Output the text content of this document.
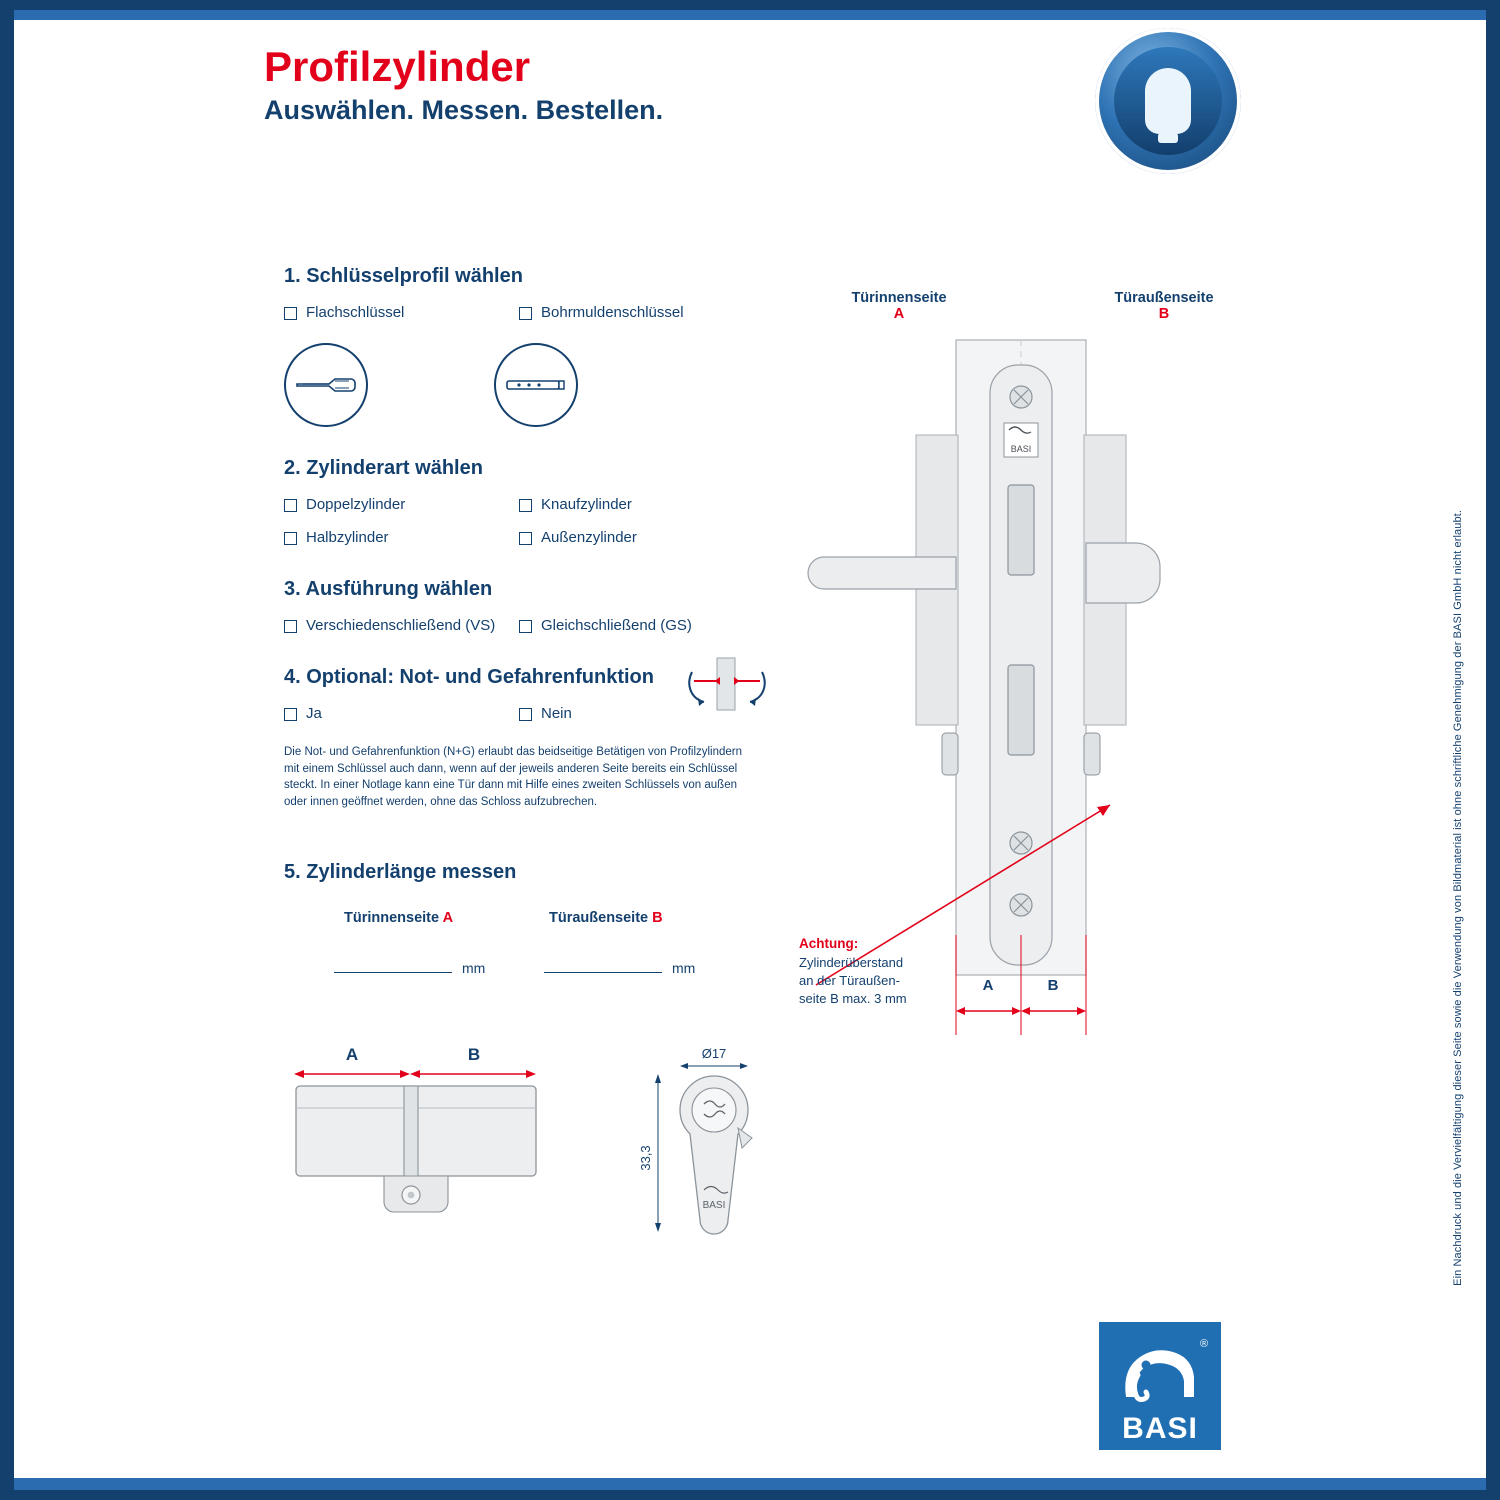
Profilzylinder
Auswählen. Messen. Bestellen.
1. Schlüsselprofil wählen
Flachschlüssel	Bohrmuldenschlüssel
2. Zylinderart wählen
Doppelzylinder	Knaufzylinder
Halbzylinder	Außenzylinder
3. Ausführung wählen
Verschiedenschließend (VS)	Gleichschließend (GS)
4. Optional: Not- und Gefahrenfunktion
Ja	Nein

Die Not- und Gefahrenfunktion (N+G) erlaubt das beidseitige Betätigen von Profilzylindern mit einem Schlüssel auch dann, wenn auf der jeweils anderen Seite bereits ein Schlüssel steckt. In einer Notlage kann eine Tür dann mit Hilfe eines zweiten Schlüssels von außen oder innen geöffnet werden, ohne das Schloss aufzubrechen.

5. Zylinderlänge messen
Türinnenseite A	Türaußenseite B
mm	mm
Türinnenseite
A
Türaußenseite
B
BASI
A	B
Achtung:
Zylinderüberstand
an der Türaußen-
seite B max. 3 mm
A	B	Ø17
33,3
BASI	Ein Nachdruck und die Vervielfältigung dieser Seite sowie die Verwendung von Bildmaterial ist ohne schriftliche Genehmigung der BASI GmbH nicht erlaubt.
®
BASI
